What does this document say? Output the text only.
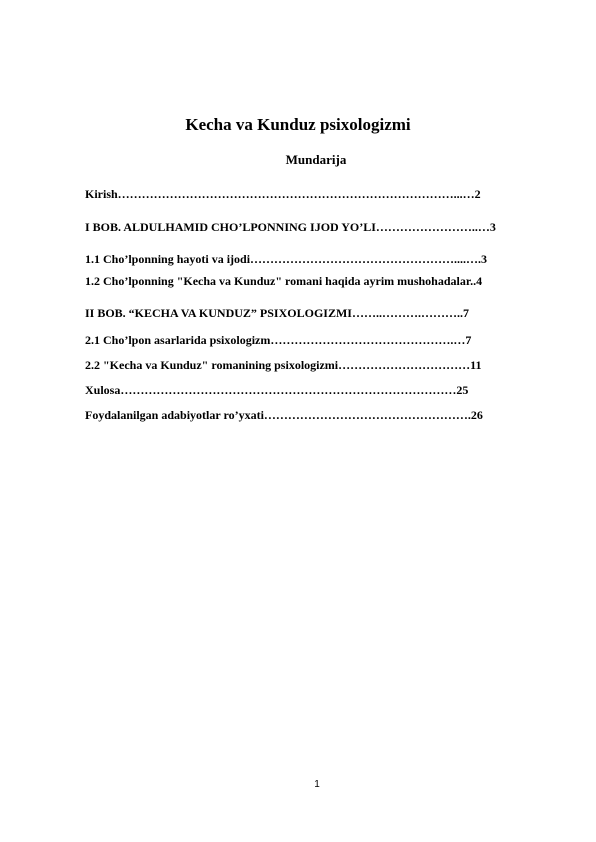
Kecha va Kunduz psixologizmi
Mundarija
Kirish…………………………………………………………………………...…2
I BOB. ALDULHAMID CHO’LPONNING IJOD YO’LI……………………..…3
1.1 Cho’lponning hayoti va ijodi……………………………………………....….3
1.2 Cho’lponning "Kecha va Kunduz" romani haqida ayrim mushohadalar..4
II BOB. “KECHA VA KUNDUZ” PSIXOLOGIZMI……..……….………..7
2.1 Cho’lpon asarlarida psixologizm……………………………………….…7
2.2 "Kecha va Kunduz" romanining psixologizmi……………………………11
Xulosa…………………………………………………………………………25
Foydalanilgan adabiyotlar ro’yxati…………………………………………….26
1
